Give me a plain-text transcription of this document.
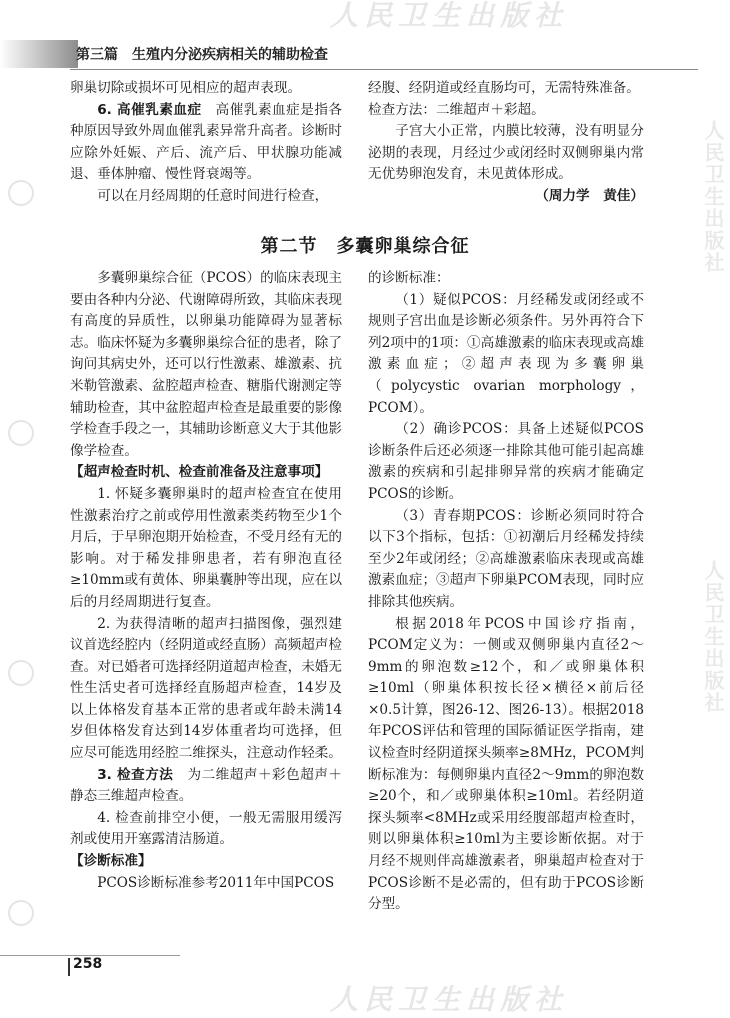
人民卫生出版社
人民卫生出版社
人民卫生出版社
人民卫生出版社
第三篇　生殖内分泌疾病相关的辅助检查

卵巢切除或损坏可见相应的超声表现。

6. 高催乳素血症　高催乳素血症是指各种原因导致外周血催乳素异常升高者。诊断时应除外妊娠、产后、流产后、甲状腺功能减退、垂体肿瘤、慢性肾衰竭等。

可以在月经周期的任意时间进行检查，

经腹、经阴道或经直肠均可，无需特殊准备。

检查方法：二维超声＋彩超。

子宫大小正常，内膜比较薄，没有明显分泌期的表现，月经过少或闭经时双侧卵巢内常无优势卵泡发育，未见黄体形成。

（周力学　黄佳）

第二节　多囊卵巢综合征

多囊卵巢综合征（PCOS）的临床表现主要由各种内分泌、代谢障碍所致，其临床表现有高度的异质性，以卵巢功能障碍为显著标志。临床怀疑为多囊卵巢综合征的患者，除了询问其病史外，还可以行性激素、雄激素、抗米勒管激素、盆腔超声检查、糖脂代谢测定等辅助检查，其中盆腔超声检查是最重要的影像学检查手段之一，其辅助诊断意义大于其他影像学检查。

【超声检查时机、检查前准备及注意事项】

1. 怀疑多囊卵巢时的超声检查宜在使用性激素治疗之前或停用性激素类药物至少1个月后，于早卵泡期开始检查，不受月经有无的影响。对于稀发排卵患者，若有卵泡直径≥10mm或有黄体、卵巢囊肿等出现，应在以后的月经周期进行复查。

2. 为获得清晰的超声扫描图像，强烈建议首选经腔内（经阴道或经直肠）高频超声检查。对已婚者可选择经阴道超声检查，未婚无性生活史者可选择经直肠超声检查，14岁及以上体格发育基本正常的患者或年龄未满14岁但体格发育达到14岁体重者均可选择，但应尽可能选用经腔二维探头，注意动作轻柔。

3. 检查方法　为二维超声＋彩色超声＋静态三维超声检查。

4. 检查前排空小便，一般无需服用缓泻剂或使用开塞露清洁肠道。

【诊断标准】

PCOS诊断标准参考2011年中国PCOS

的诊断标准：

（1）疑似PCOS：月经稀发或闭经或不规则子宫出血是诊断必须条件。另外再符合下列2项中的1项：①高雄激素的临床表现或高雄激素血症；②超声表现为多囊卵巢（polycystic ovarian morphology，PCOM）。

（2）确诊PCOS：具备上述疑似PCOS诊断条件后还必须逐一排除其他可能引起高雄激素的疾病和引起排卵异常的疾病才能确定PCOS的诊断。

（3）青春期PCOS：诊断必须同时符合以下3个指标，包括：①初潮后月经稀发持续至少2年或闭经；②高雄激素临床表现或高雄激素血症；③超声下卵巢PCOM表现，同时应排除其他疾病。

根据2018年PCOS中国诊疗指南，PCOM定义为：一侧或双侧卵巢内直径2～9mm的卵泡数≥12个，和／或卵巢体积≥10ml（卵巢体积按长径×横径×前后径×0.5计算，图26-12、图26-13）。根据2018年PCOS评估和管理的国际循证医学指南，建议检查时经阴道探头频率≥8MHz，PCOM判断标准为：每侧卵巢内直径2～9mm的卵泡数≥20个，和／或卵巢体积≥10ml。若经阴道探头频率<8MHz或采用经腹部超声检查时，则以卵巢体积≥10ml为主要诊断依据。对于月经不规则伴高雄激素者，卵巢超声检查对于PCOS诊断不是必需的，但有助于PCOS诊断分型。

258
